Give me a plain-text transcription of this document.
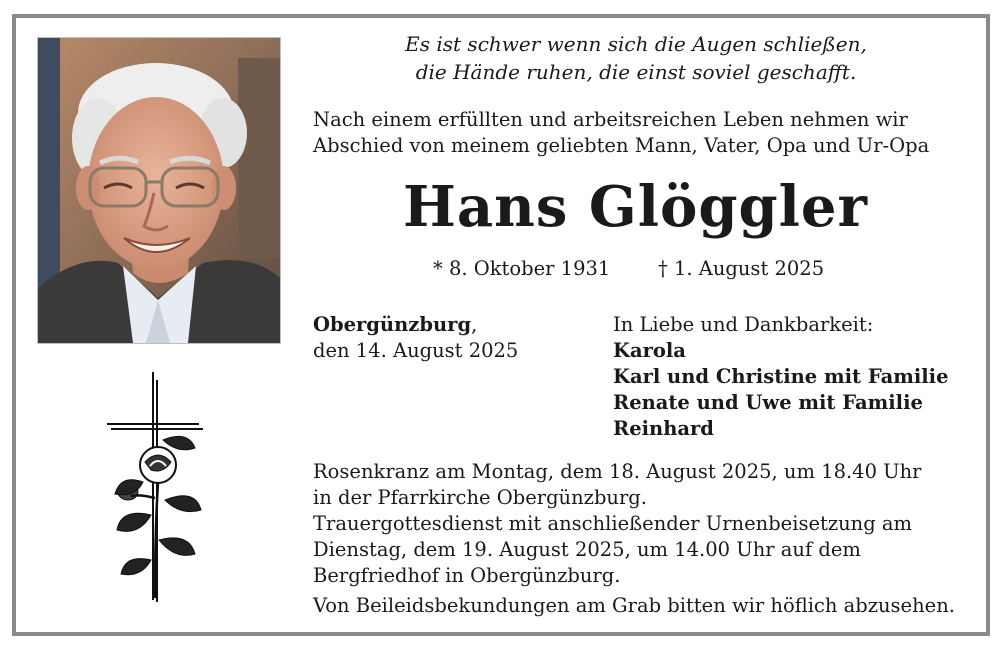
Es ist schwer wenn sich die Augen schließen,
die Hände ruhen, die einst soviel geschafft.
Nach einem erfüllten und arbeitsreichen Leben nehmen wir
Abschied von meinem geliebten Mann, Vater, Opa und Ur-Opa
Hans Glöggler
* 8. Oktober 1931 † 1. August 2025
Obergünzburg,
den 14. August 2025
In Liebe und Dankbarkeit:
Karola
Karl und Christine mit Familie
Renate und Uwe mit Familie
Reinhard
Rosenkranz am Montag, dem 18. August 2025, um 18.40 Uhr
in der Pfarrkirche Obergünzburg.
Trauergottesdienst mit anschließender Urnenbeisetzung am
Dienstag, dem 19. August 2025, um 14.00 Uhr auf dem
Bergfriedhof in Obergünzburg.
Von Beileidsbekundungen am Grab bitten wir höflich abzusehen.
